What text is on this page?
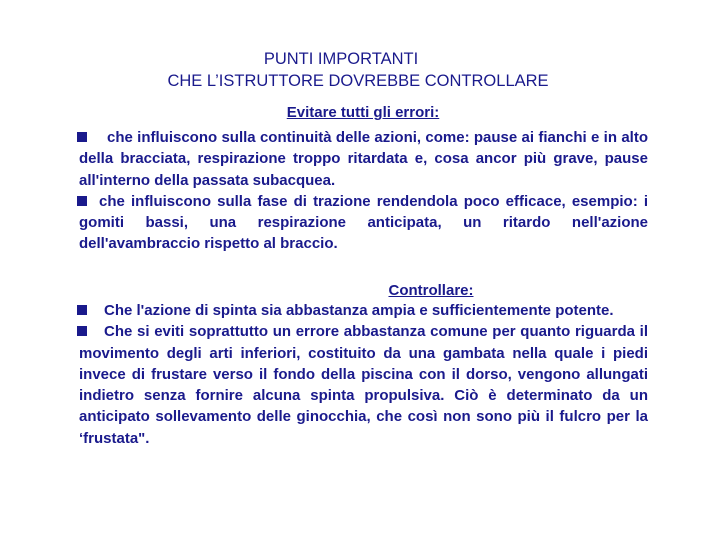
PUNTI IMPORTANTI
CHE L’ISTRUTTORE DOVREBBE CONTROLLARE
Evitare tutti gli errori:

che influiscono sulla continuità delle azioni, come: pause ai fianchi e in alto della bracciata, respirazione troppo ritardata e, cosa ancor più grave, pause all'interno della passata subacquea.

che influiscono sulla fase di trazione rendendola poco efficace, esempio: i gomiti bassi, una respirazione anticipata, un ritardo nell'azione dell'avambraccio rispetto al braccio.

Controllare:

Che l'azione di spinta sia abbastanza ampia e sufficientemente potente.

Che si eviti soprattutto un errore abbastanza comune per quanto riguarda il movimento degli arti inferiori, costituito da una gambata nella quale i piedi invece di frustare verso il fondo della piscina con il dorso, vengono allungati indietro senza fornire alcuna spinta propulsiva. Ciò è determinato da un anticipato sollevamento delle ginocchia, che così non sono più il fulcro per la ‘frustata".
